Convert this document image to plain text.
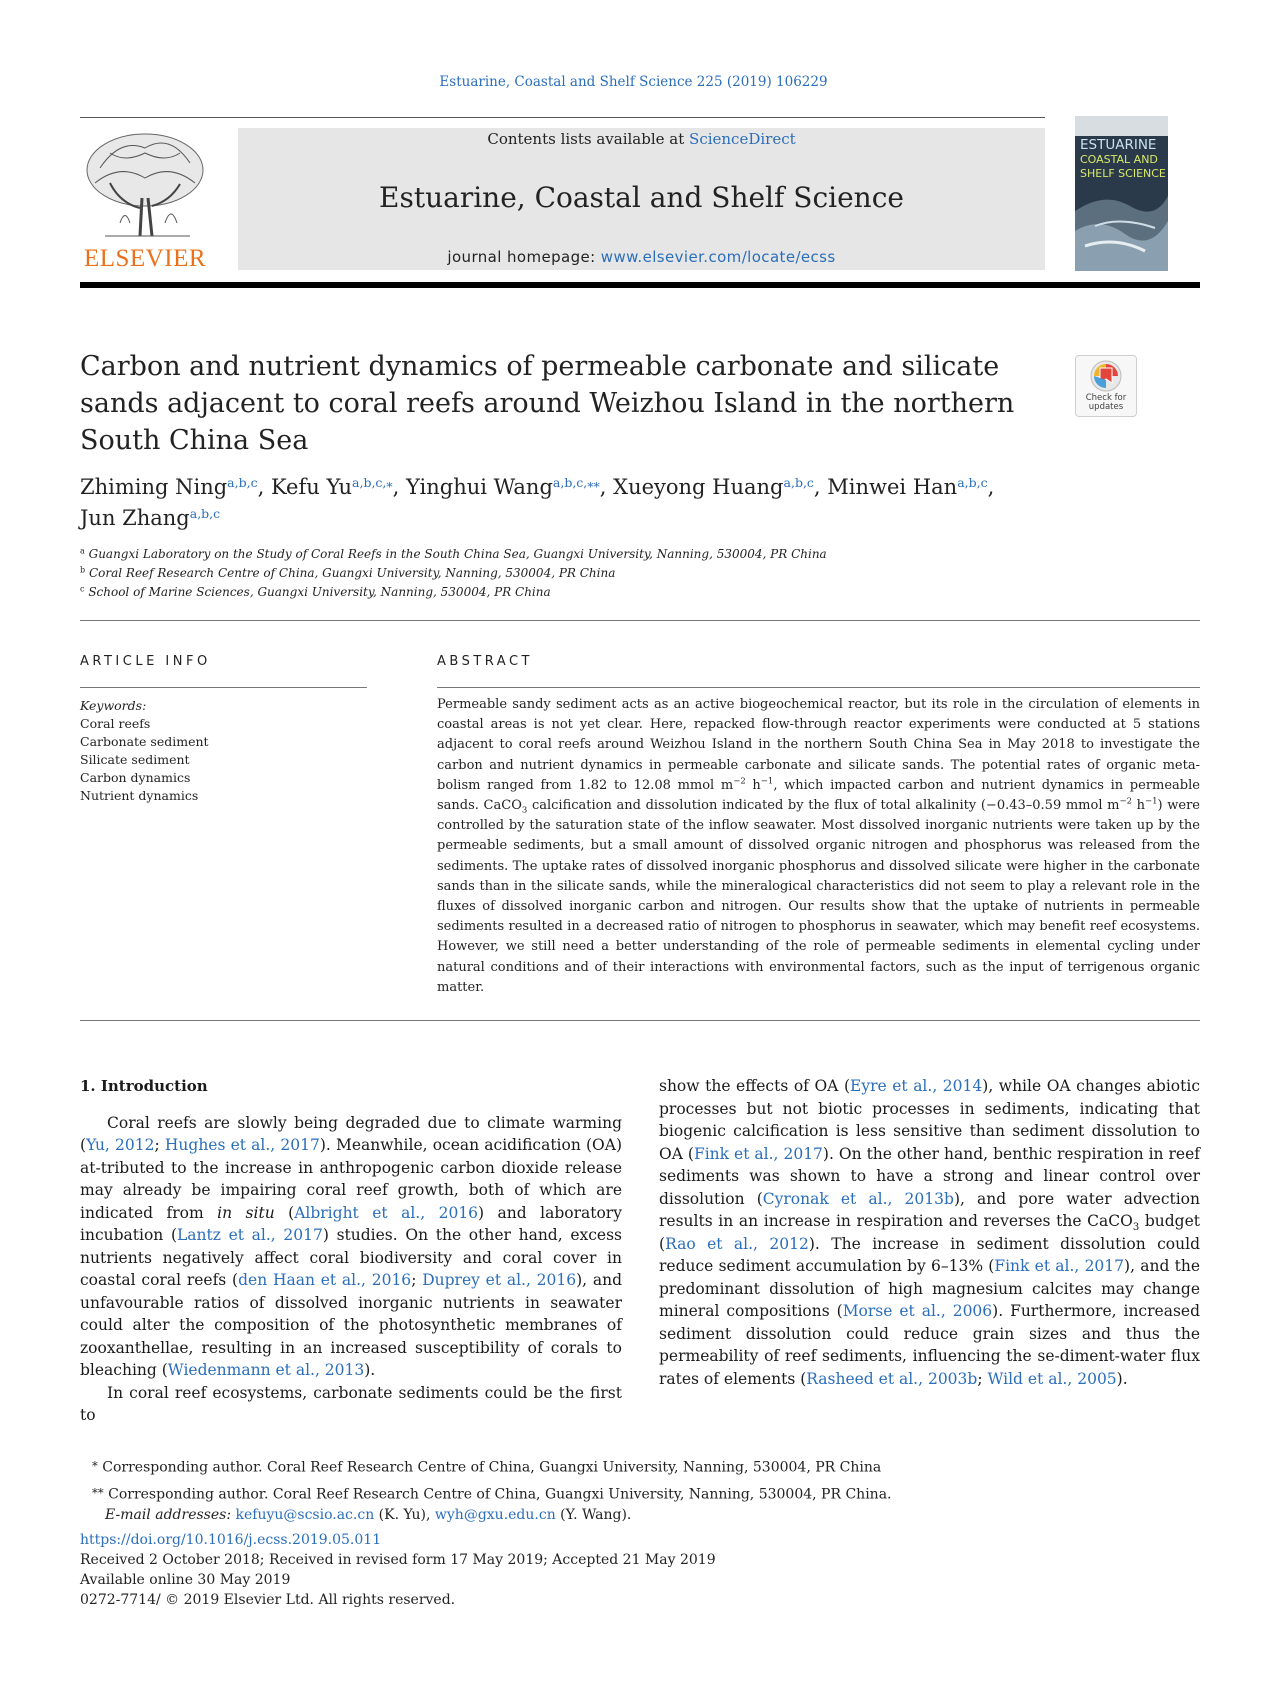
Estuarine, Coastal and Shelf Science 225 (2019) 106229
ELSEVIER
Contents lists available at ScienceDirect
Estuarine, Coastal and Shelf Science
journal homepage: www.elsevier.com/locate/ecss
ESTUARINE
COASTAL AND
SHELF SCIENCE
Carbon and nutrient dynamics of permeable carbonate and silicate sands adjacent to coral reefs around Weizhou Island in the northern South China Sea
Check for updates
Zhiming Ning$^{a,b,c}$, Kefu $Yu^{a,b,c,⁎}$, Yinghui Wang$^{a,b,c,⁎⁎}$, Xueyong Huang$^{a,b,c}$, Minwei Han$^{a,b,c}$,
Jun Zhang$^{a,b,c}$
$^a$ Guangxi Laboratory on the Study of Coral Reefs in the South China Sea, Guangxi University, Nanning, 530004, PR China
$^b$ Coral Reef Research Centre of China, Guangxi University, Nanning, 530004, PR China
$^c$ School of Marine Sciences, Guangxi University, Nanning, 530004, PR China
ARTICLE INFO	ABSTRACT
Keywords:
Coral reefs
Carbonate sediment
Silicate sediment
Carbon dynamics
Nutrient dynamics
Permeable sandy sediment acts as an active biogeochemical reactor, but its role in the circulation of elements in coastal areas is not yet clear. Here, repacked flow-through reactor experiments were conducted at 5 stations adjacent to coral reefs around Weizhou Island in the northern South China Sea in May 2018 to investigate the carbon and nutrient dynamics in permeable carbonate and silicate sands. The potential rates of organic meta-bolism ranged from 1.82 to 12.08 mmol $m^{-2}$ $h^{-1}$, which impacted carbon and nutrient dynamics in permeable sands. CaCO$_3$ calcification and dissolution indicated by the flux of total alkalinity (−0.43–0.59 mmol $m^{-2}$ $h^{-1}$) were controlled by the saturation state of the inflow seawater. Most dissolved inorganic nutrients were taken up by the permeable sediments, but a small amount of dissolved organic nitrogen and phosphorus was released from the sediments. The uptake rates of dissolved inorganic phosphorus and dissolved silicate were higher in the carbonate sands than in the silicate sands, while the mineralogical characteristics did not seem to play a relevant role in the fluxes of dissolved inorganic carbon and nitrogen. Our results show that the uptake of nutrients in permeable sediments resulted in a decreased ratio of nitrogen to phosphorus in seawater, which may benefit reef ecosystems. However, we still need a better understanding of the role of permeable sediments in elemental cycling under natural conditions and of their interactions with environmental factors, such as the input of terrigenous organic matter.
1. Introduction

Coral reefs are slowly being degraded due to climate warming (Yu, 2012; Hughes et al., 2017). Meanwhile, ocean acidification (OA) at-tributed to the increase in anthropogenic carbon dioxide release may already be impairing coral reef growth, both of which are indicated from in situ (Albright et al., 2016) and laboratory incubation (Lantz et al., 2017) studies. On the other hand, excess nutrients negatively affect coral biodiversity and coral cover in coastal coral reefs (den Haan et al., 2016; Duprey et al., 2016), and unfavourable ratios of dissolved inorganic nutrients in seawater could alter the composition of the photosynthetic membranes of zooxanthellae, resulting in an increased susceptibility of corals to bleaching (Wiedenmann et al., 2013).

In coral reef ecosystems, carbonate sediments could be the first to

show the effects of OA (Eyre et al., 2014), while OA changes abiotic processes but not biotic processes in sediments, indicating that biogenic calcification is less sensitive than sediment dissolution to OA (Fink et al., 2017). On the other hand, benthic respiration in reef sediments was shown to have a strong and linear control over dissolution (Cyronak et al., 2013b), and pore water advection results in an increase in respiration and reverses the CaCO$_3$ budget (Rao et al., 2012). The increase in sediment dissolution could reduce sediment accumulation by 6–13% (Fink et al., 2017), and the predominant dissolution of high magnesium calcites may change mineral compositions (Morse et al., 2006). Furthermore, increased sediment dissolution could reduce grain sizes and thus the permeability of reef sediments, influencing the se-diment-water flux rates of elements (Rasheed et al., 2003b; Wild et al., 2005).

⁎ Corresponding author. Coral Reef Research Centre of China, Guangxi University, Nanning, 530004, PR China
⁎⁎ Corresponding author. Coral Reef Research Centre of China, Guangxi University, Nanning, 530004, PR China.
E-mail addresses: kefuyu@scsio.ac.cn (K. Yu), wyh@gxu.edu.cn (Y. Wang).
https://doi.org/10.1016/j.ecss.2019.05.011
Received 2 October 2018; Received in revised form 17 May 2019; Accepted 21 May 2019
Available online 30 May 2019
0272-7714/ © 2019 Elsevier Ltd. All rights reserved.
